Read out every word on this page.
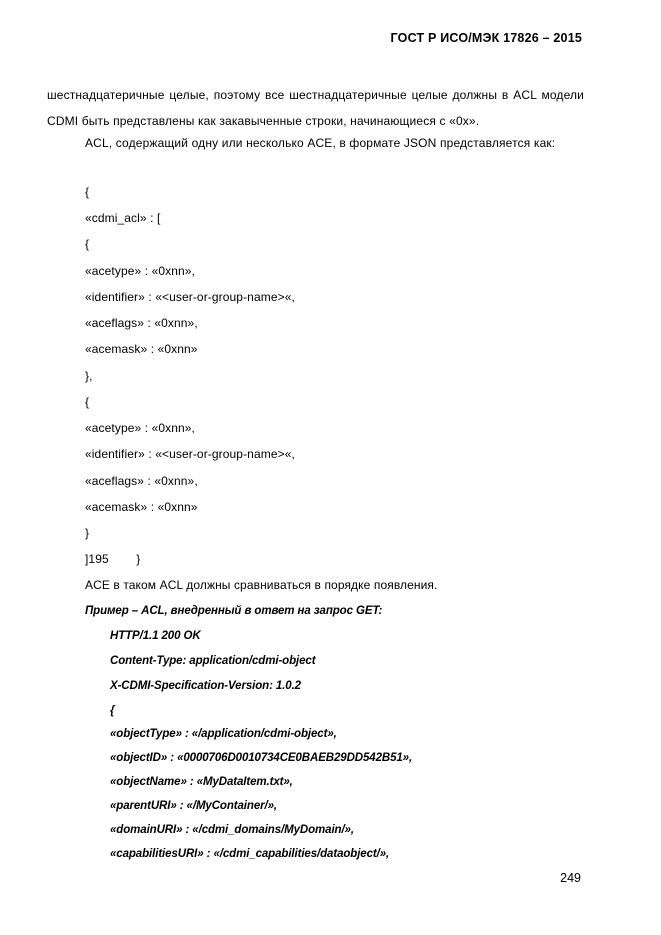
ГОСТ Р ИСО/МЭК 17826 – 2015
шестнадцатеричные целые, поэтому все шестнадцатеричные целые должны в ACL модели CDMI быть представлены как закавыченные строки, начинающиеся с «0x».
ACL, содержащий одну или несколько ACE, в формате JSON представляется как:
{
«cdmi_acl» : [
{
«acetype» : «0xnn»,
«identifier» : «<user-or-group-name>«,
«aceflags» : «0xnn»,
«acemask» : «0xnn»
},
{
«acetype» : «0xnn»,
«identifier» : «<user-or-group-name>«,
«aceflags» : «0xnn»,
«acemask» : «0xnn»
}
]195        }
ACE в таком ACL должны сравниваться в порядке появления.
Пример – ACL, внедренный в ответ на запрос GET:
HTTP/1.1 200 OK
Content-Type: application/cdmi-object
X-CDMI-Specification-Version: 1.0.2
{
«objectType» : «/application/cdmi-object»,
«objectID» : «0000706D0010734CE0BAEB29DD542B51»,
«objectName» : «MyDataItem.txt»,
«parentURI» : «/MyContainer/»,
«domainURI» : «/cdmi_domains/MyDomain/»,
«capabilitiesURI» : «/cdmi_capabilities/dataobject/»,
249
